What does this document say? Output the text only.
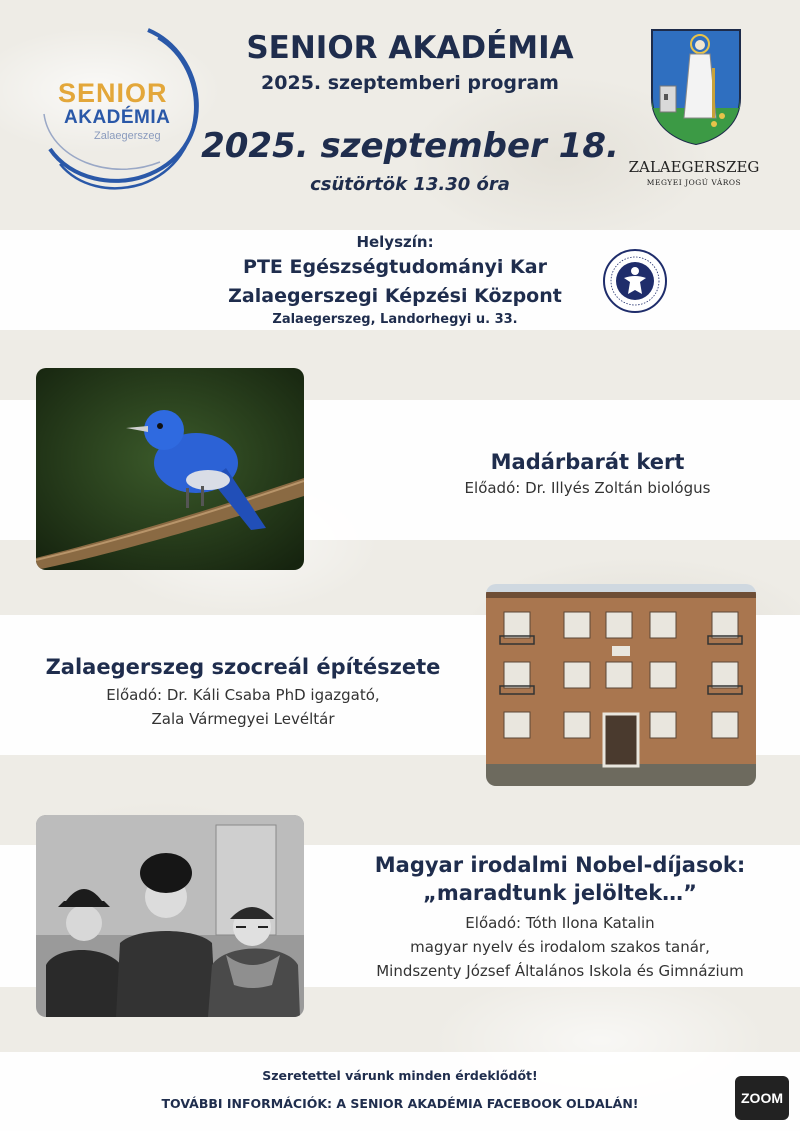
SENIOR
AKADÉMIA
Zalaegerszeg
SENIOR AKADÉMIA
2025. szeptemberi program
2025. szeptember 18.
csütörtök 13.30 óra
ZALAEGERSZEG
MEGYEI JOGÚ VÁROS
Helyszín:
PTE Egészségtudományi Kar
Zalaegerszegi Képzési Központ
Zalaegerszeg, Landorhegyi u. 33.
Madárbarát kert
Előadó: Dr. Illyés Zoltán biológus
Zalaegerszeg szocreál építészete
Előadó: Dr. Káli Csaba PhD igazgató,
Zala Vármegyei Levéltár
Magyar irodalmi Nobel-díjasok:
„maradtunk jelöltek…”
Előadó: Tóth Ilona Katalin
magyar nyelv és irodalom szakos tanár,
Mindszenty József Általános Iskola és Gimnázium
Szeretettel várunk minden érdeklődőt!
TOVÁBBI INFORMÁCIÓK: A SENIOR AKADÉMIA FACEBOOK OLDALÁN!	ZOOM
